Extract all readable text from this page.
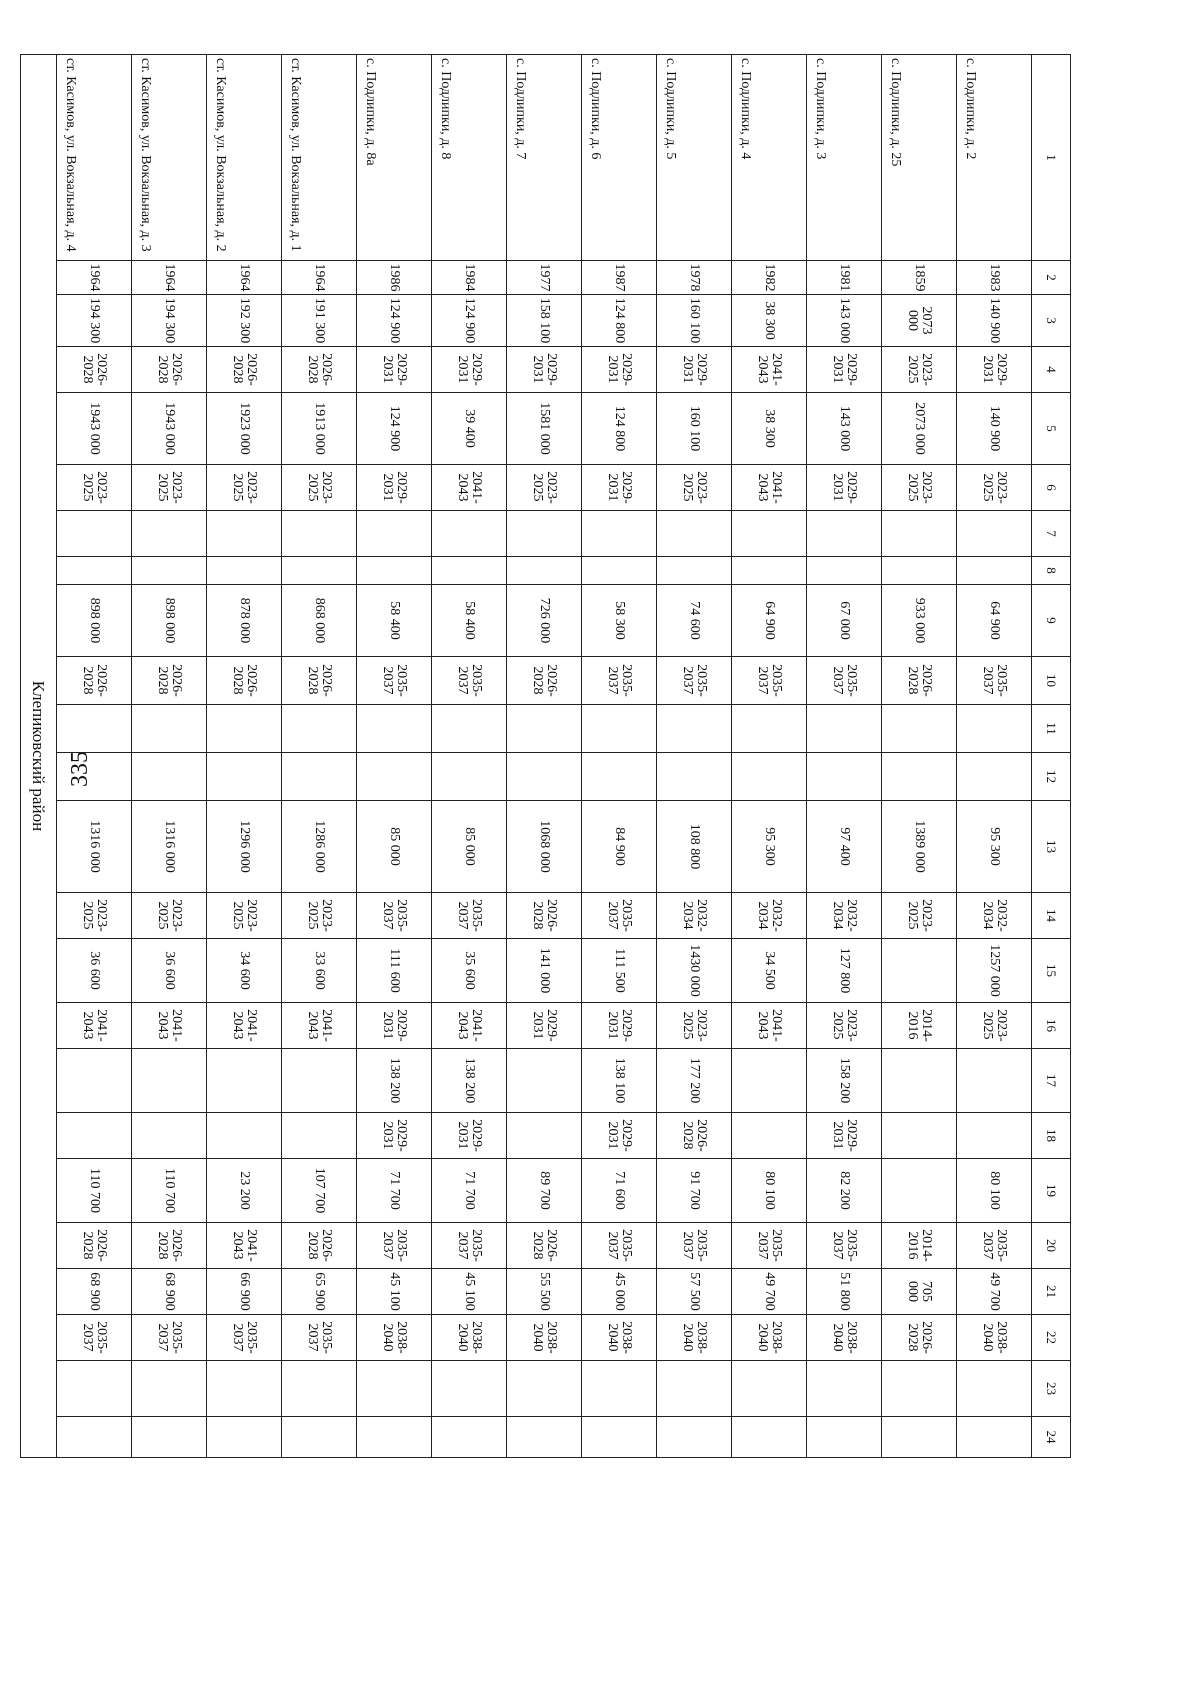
335
1	2	3	4	5	6	7	8	9	10	11	12	13	14	15	16	17	18	19	20	21	22	23	24
с. Подлипки, д. 2	1983	140 900	2029-2031	140 900	2023-2025			64 900	2035-2037			95 300	2032-2034	1257 000	2023-2025			80 100	2035-2037	49 700	2038-2040		
с. Подлипки, д. 25	1859	2073 000	2023-2025	2073 000	2023-2025			933 000	2026-2028			1389 000	2023-2025		2014-2016				2014-2016	705 000	2026-2028		
с. Подлипки, д. 3	1981	143 000	2029-2031	143 000	2029-2031			67 000	2035-2037			97 400	2032-2034	127 800	2023-2025	158 200	2029-2031	82 200	2035-2037	51 800	2038-2040		
с. Подлипки, д. 4	1982	38 300	2041-2043	38 300	2041-2043			64 900	2035-2037			95 300	2032-2034	34 500	2041-2043			80 100	2035-2037	49 700	2038-2040		
с. Подлипки, д. 5	1978	160 100	2029-2031	160 100	2023-2025			74 600	2035-2037			108 800	2032-2034	1430 000	2023-2025	177 200	2026-2028	91 700	2035-2037	57 500	2038-2040		
с. Подлипки, д. 6	1987	124 800	2029-2031	124 800	2029-2031			58 300	2035-2037			84 900	2035-2037	111 500	2029-2031	138 100	2029-2031	71 600	2035-2037	45 000	2038-2040		
с. Подлипки, д. 7	1977	158 100	2029-2031	1581 000	2023-2025			726 000	2026-2028			1068 000	2026-2028	141 000	2029-2031			89 700	2026-2028	55 500	2038-2040		
с. Подлипки, д. 8	1984	124 900	2029-2031	39 400	2041-2043			58 400	2035-2037			85 000	2035-2037	35 600	2041-2043	138 200	2029-2031	71 700	2035-2037	45 100	2038-2040		
с. Подлипки, д. 8а	1986	124 900	2029-2031	124 900	2029-2031			58 400	2035-2037			85 000	2035-2037	111 600	2029-2031	138 200	2029-2031	71 700	2035-2037	45 100	2038-2040		
ст. Касимов, ул. Вокзальная, д. 1	1964	191 300	2026-2028	1913 000	2023-2025			868 000	2026-2028			1286 000	2023-2025	33 600	2041-2043			107 700	2026-2028	65 900	2035-2037		
ст. Касимов, ул. Вокзальная, д. 2	1964	192 300	2026-2028	1923 000	2023-2025			878 000	2026-2028			1296 000	2023-2025	34 600	2041-2043			23 200	2041-2043	66 900	2035-2037		
ст. Касимов, ул. Вокзальная, д. 3	1964	194 300	2026-2028	1943 000	2023-2025			898 000	2026-2028			1316 000	2023-2025	36 600	2041-2043			110 700	2026-2028	68 900	2035-2037		
ст. Касимов, ул. Вокзальная, д. 4	1964	194 300	2026-2028	1943 000	2023-2025			898 000	2026-2028			1316 000	2023-2025	36 600	2041-2043			110 700	2026-2028	68 900	2035-2037		
Клепиковский район																							
